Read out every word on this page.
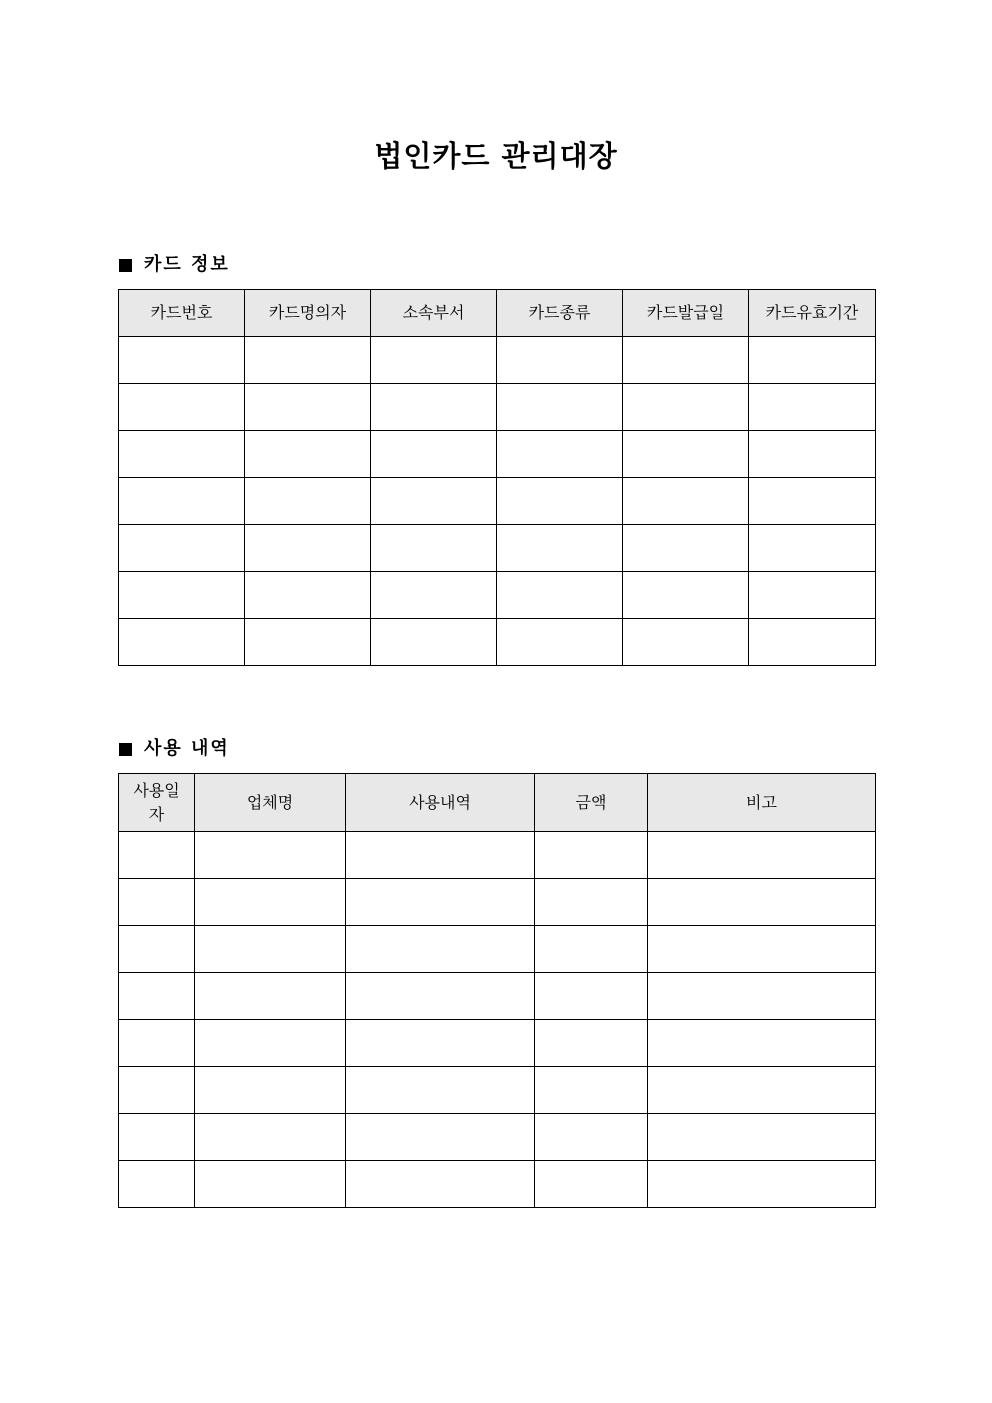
법인카드 관리대장
카드 정보
카드번호	카드명의자	소속부서	카드종류	카드발급일	카드유효기간

사용 내역
사용일자	업체명	사용내역	금액	비고
